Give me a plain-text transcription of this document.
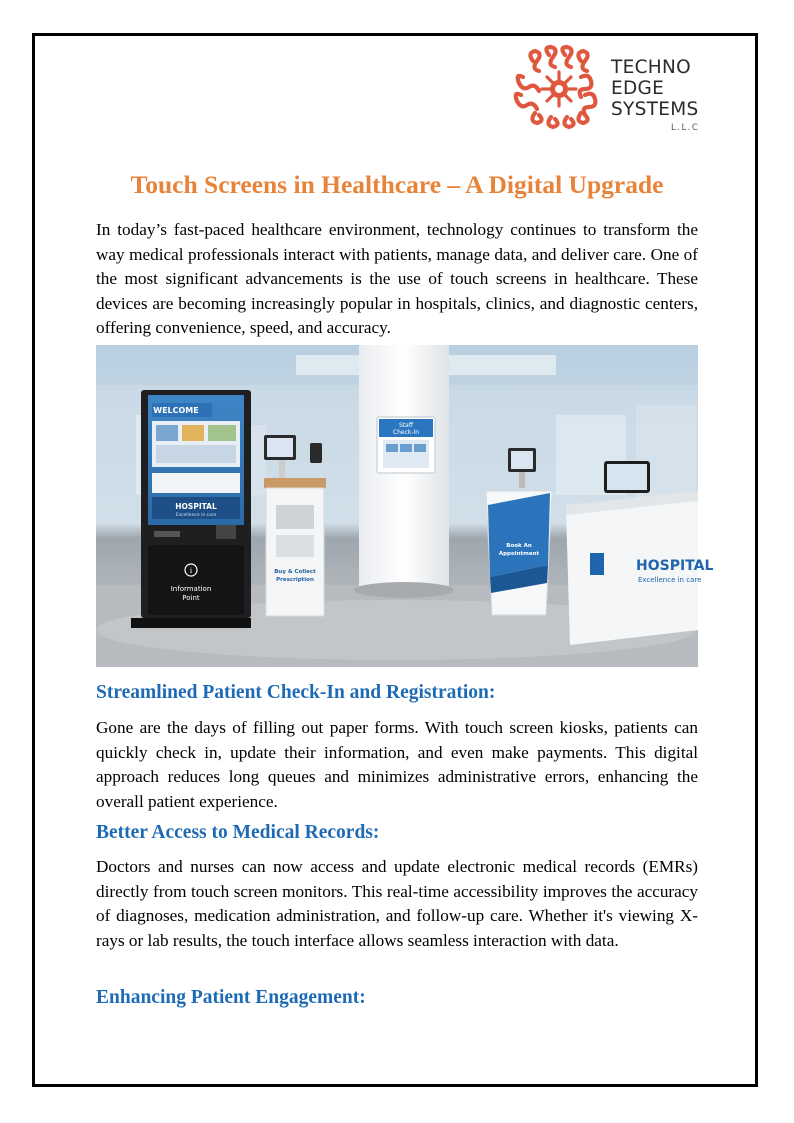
TECHNO
EDGE
SYSTEMS
L.L.C
Touch Screens in Healthcare – A Digital Upgrade

In today’s fast-paced healthcare environment, technology continues to transform the way medical professionals interact with patients, manage data, and deliver care. One of the most significant advancements is the use of touch screens in healthcare. These devices are becoming increasingly popular in hospitals, clinics, and diagnostic centers, offering convenience, speed, and accuracy.

Staff
Check-In
WELCOME
HOSPITAL
Excellence in care
i
Information
Point
Buy & Collect
Prescription
Book An
Appointment
HOSPITAL
Excellence in care
Streamlined Patient Check-In and Registration:

Gone are the days of filling out paper forms. With touch screen kiosks, patients can quickly check in, update their information, and even make payments. This digital approach reduces long queues and minimizes administrative errors, enhancing the overall patient experience.

Better Access to Medical Records:

Doctors and nurses can now access and update electronic medical records (EMRs) directly from touch screen monitors. This real-time accessibility improves the accuracy of diagnoses, medication administration, and follow-up care. Whether it's viewing X-rays or lab results, the touch interface allows seamless interaction with data.

Enhancing Patient Engagement:
